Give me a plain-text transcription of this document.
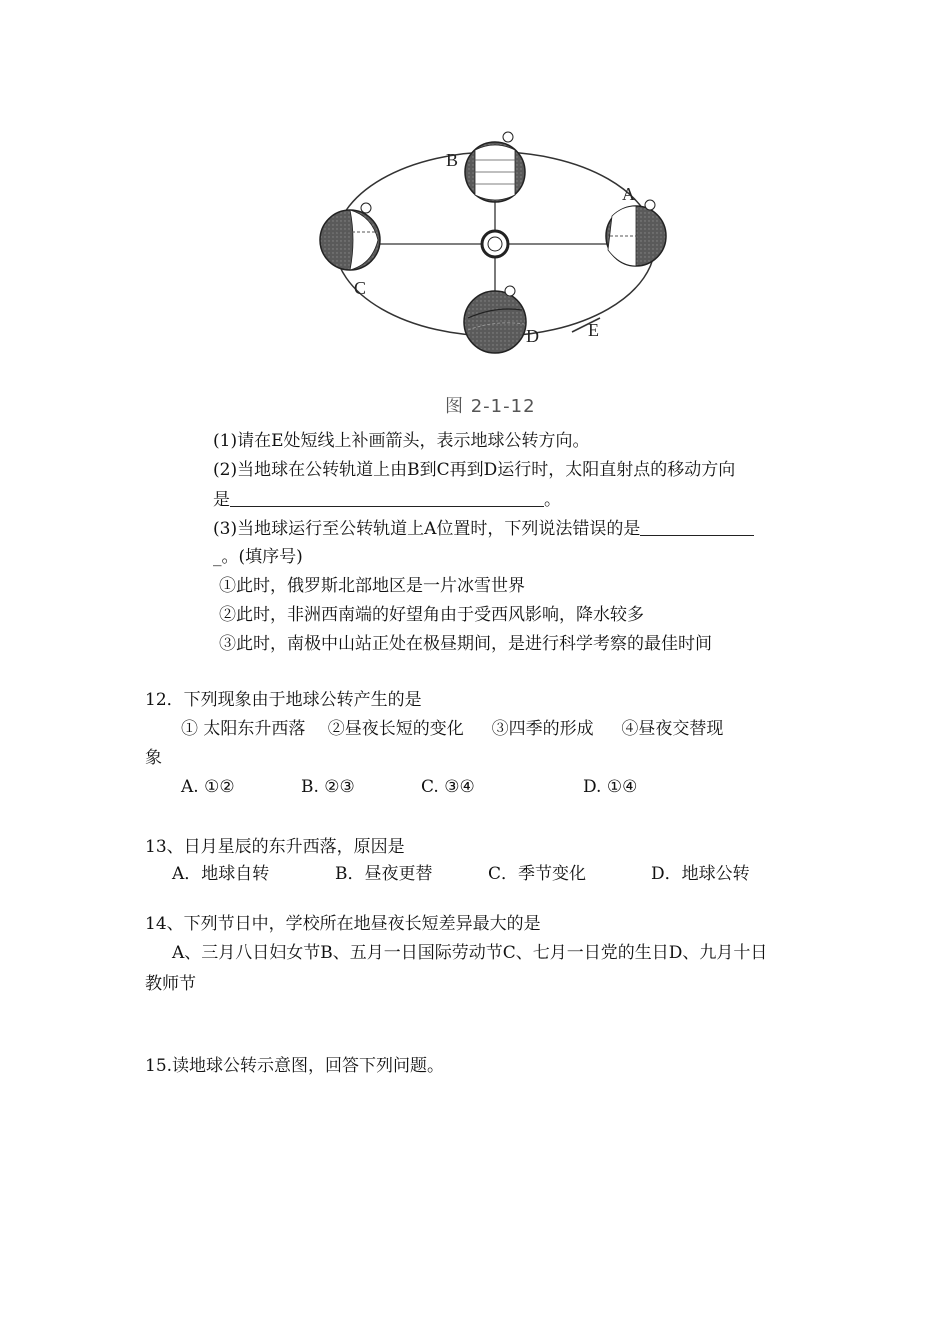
B
A
C
D	E
图 2-1-12
(1)请在E处短线上补画箭头，表示地球公转方向。
(2)当地球在公转轨道上由B到C再到D运行时，太阳直射点的移动方向
是	。
(3)当地球运行至公转轨道上A位置时，下列说法错误的是
_。(填序号)
①此时，俄罗斯北部地区是一片冰雪世界
②此时，非洲西南端的好望角由于受西风影响，降水较多
③此时，南极中山站正处在极昼期间，是进行科学考察的最佳时间
12．下列现象由于地球公转产生的是
① 太阳东升西落　 ②昼夜长短的变化 　 ③四季的形成 　 ④昼夜交替现
象
A. ①②	B. ②③	C. ③④	D. ①④
13、日月星辰的东升西落，原因是
A．地球自转	B．昼夜更替	C．季节变化	D．地球公转
14、下列节日中，学校所在地昼夜长短差异最大的是
A、三月八日妇女节B、五月一日国际劳动节C、七月一日党的生日D、九月十日
教师节
15.读地球公转示意图，回答下列问题。
